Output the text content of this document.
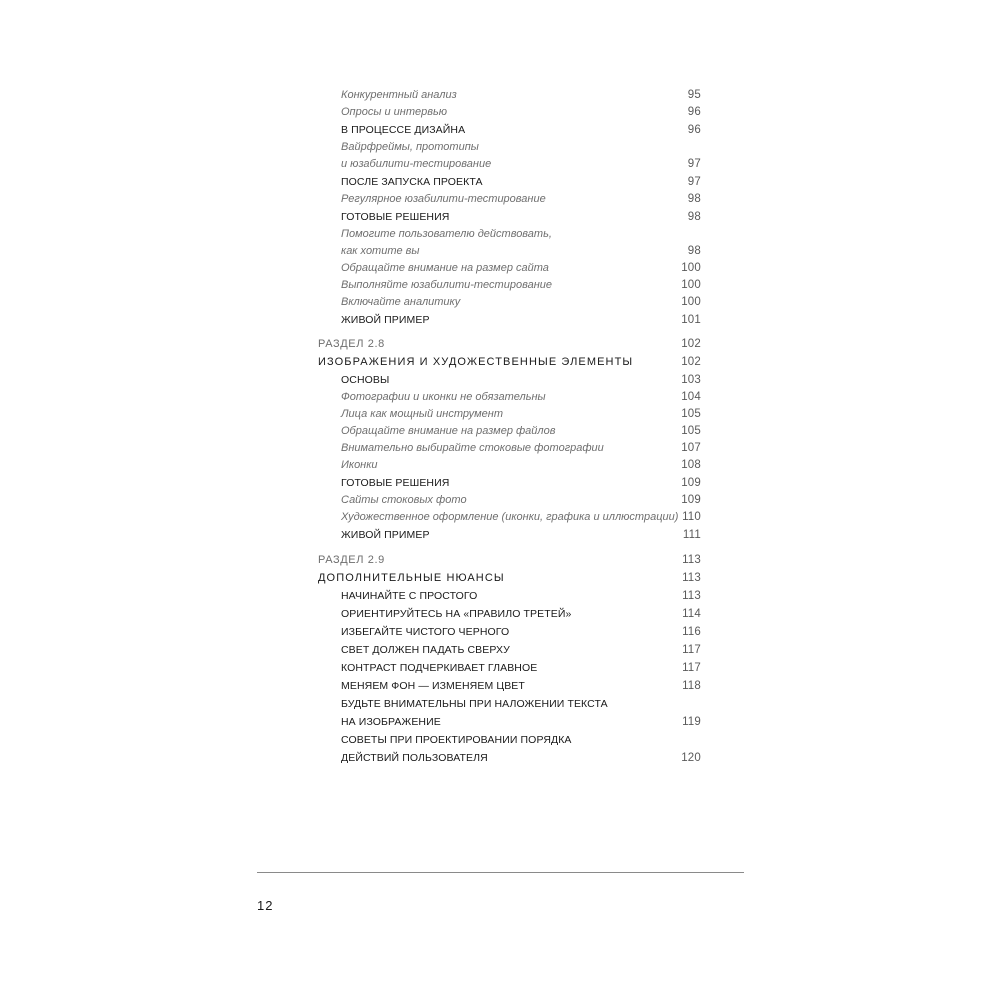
Конкурентный анализ	95
Опросы и интервью	96
В ПРОЦЕССЕ ДИЗАЙНА	96
Вайрфреймы, прототипы
и юзабилити-тестирование	97
ПОСЛЕ ЗАПУСКА ПРОЕКТА	97
Регулярное юзабилити-тестирование	98
ГОТОВЫЕ РЕШЕНИЯ	98
Помогите пользователю действовать,
как хотите вы	98
Обращайте внимание на размер сайта	100
Выполняйте юзабилити-тестирование	100
Включайте аналитику	100
ЖИВОЙ ПРИМЕР	101
РАЗДЕЛ 2.8	102
ИЗОБРАЖЕНИЯ И ХУДОЖЕСТВЕННЫЕ ЭЛЕМЕНТЫ	102
ОСНОВЫ	103
Фотографии и иконки не обязательны	104
Лица как мощный инструмент	105
Обращайте внимание на размер файлов	105
Внимательно выбирайте стоковые фотографии	107
Иконки	108
ГОТОВЫЕ РЕШЕНИЯ	109
Сайты стоковых фото	109
Художественное оформление (иконки, графика и иллюстрации) 110
ЖИВОЙ ПРИМЕР	111
РАЗДЕЛ 2.9	113
ДОПОЛНИТЕЛЬНЫЕ НЮАНСЫ	113
НАЧИНАЙТЕ С ПРОСТОГО	113
ОРИЕНТИРУЙТЕСЬ НА «ПРАВИЛО ТРЕТЕЙ»	114
ИЗБЕГАЙТЕ ЧИСТОГО ЧЕРНОГО	116
СВЕТ ДОЛЖЕН ПАДАТЬ СВЕРХУ	117
КОНТРАСТ ПОДЧЕРКИВАЕТ ГЛАВНОЕ	117
МЕНЯЕМ ФОН — ИЗМЕНЯЕМ ЦВЕТ	118
БУДЬТЕ ВНИМАТЕЛЬНЫ ПРИ НАЛОЖЕНИИ ТЕКСТА
НА ИЗОБРАЖЕНИЕ	119
СОВЕТЫ ПРИ ПРОЕКТИРОВАНИИ ПОРЯДКА
ДЕЙСТВИЙ ПОЛЬЗОВАТЕЛЯ	120
12
